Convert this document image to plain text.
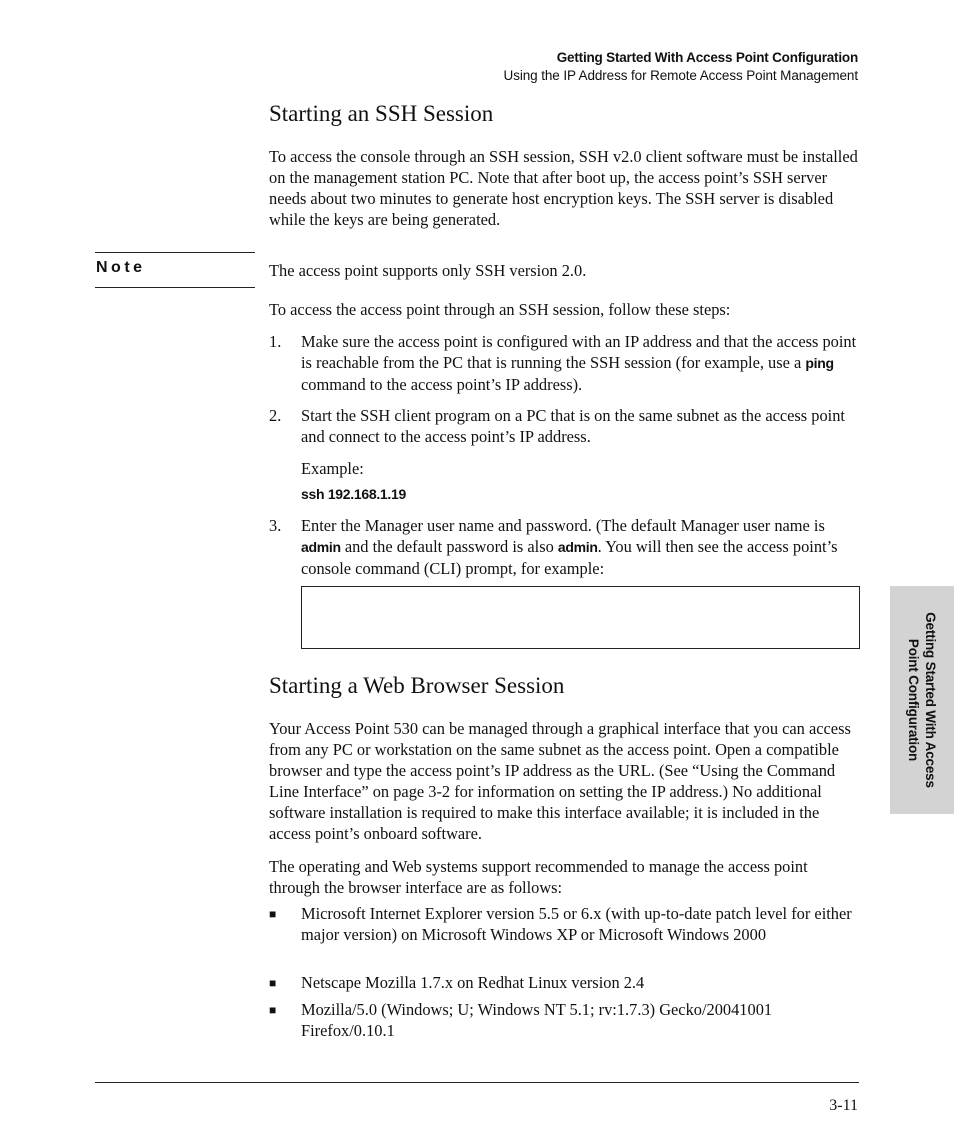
Getting Started With Access Point Configuration
Using the IP Address for Remote Access Point Management
Starting an SSH Session

To access the console through an SSH session, SSH v2.0 client software must be installed on the management station PC. Note that after boot up, the access point’s SSH server needs about two minutes to generate host encryption keys. The SSH server is disabled while the keys are being generated.

Note	The access point supports only SSH version 2.0.

To access the access point through an SSH session, follow these steps:

1. Make sure the access point is configured with an IP address and that the access point is reachable from the PC that is running the SSH session (for example, use a ping command to the access point’s IP address).
2. Start the SSH client program on a PC that is on the same subnet as the access point and connect to the access point’s IP address.
Example:
ssh 192.168.1.19
3. Enter the Manager user name and password. (The default Manager user name is admin and the default password is also admin. You will then see the access point’s console command (CLI) prompt, for example:
Getting Started With Access
Point Configuration
Starting a Web Browser Session

Your Access Point 530 can be managed through a graphical interface that you can access from any PC or workstation on the same subnet as the access point. Open a compatible browser and type the access point’s IP address as the URL. (See “Using the Command Line Interface” on page 3-2 for information on setting the IP address.) No additional software installation is required to make this interface available; it is included in the access point’s onboard software.

The operating and Web systems support recommended to manage the access point through the browser interface are as follows:

■ Microsoft Internet Explorer version 5.5 or 6.x (with up-to-date patch level for either major version) on Microsoft Windows XP or Microsoft Windows 2000
■ Netscape Mozilla 1.7.x on Redhat Linux version 2.4
■ Mozilla/5.0 (Windows; U; Windows NT 5.1; rv:1.7.3) Gecko/20041001 Firefox/0.10.1
3-11
